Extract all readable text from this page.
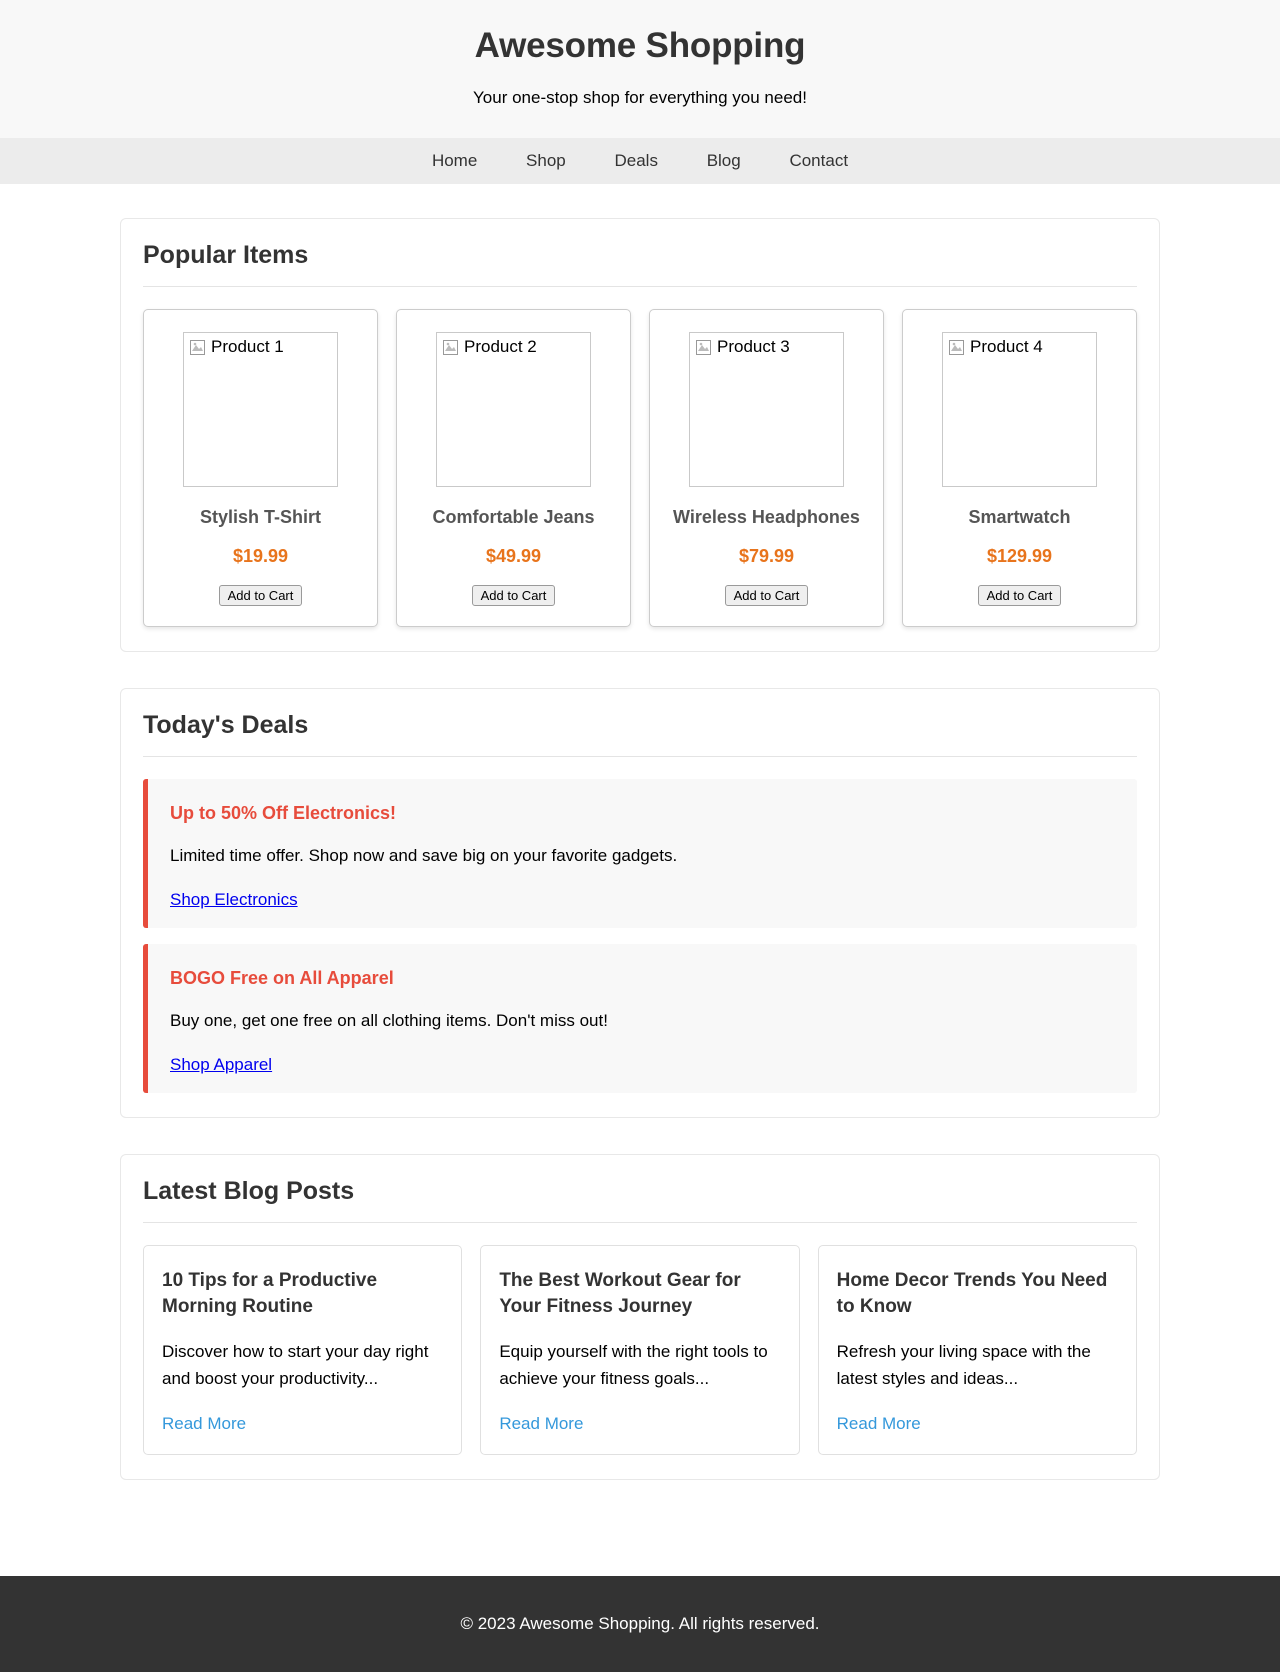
Awesome Shopping

Your one-stop shop for everything you need!

Home	Shop	Deals	Blog	Contact
Popular Items
Product 1
Stylish T-Shirt

$19.99

Add to Cart
Product 2
Comfortable Jeans

$49.99

Add to Cart
Product 3
Wireless Headphones

$79.99

Add to Cart
Product 4
Smartwatch

$129.99

Add to Cart
Today's Deals
Up to 50% Off Electronics!

Limited time offer. Shop now and save big on your favorite gadgets.

Shop Electronics
BOGO Free on All Apparel

Buy one, get one free on all clothing items. Don't miss out!

Shop Apparel
Latest Blog Posts
10 Tips for a Productive Morning Routine

Discover how to start your day right and boost your productivity...

Read More
The Best Workout Gear for Your Fitness Journey

Equip yourself with the right tools to achieve your fitness goals...

Read More
Home Decor Trends You Need to Know

Refresh your living space with the latest styles and ideas...

Read More

© 2023 Awesome Shopping. All rights reserved.
